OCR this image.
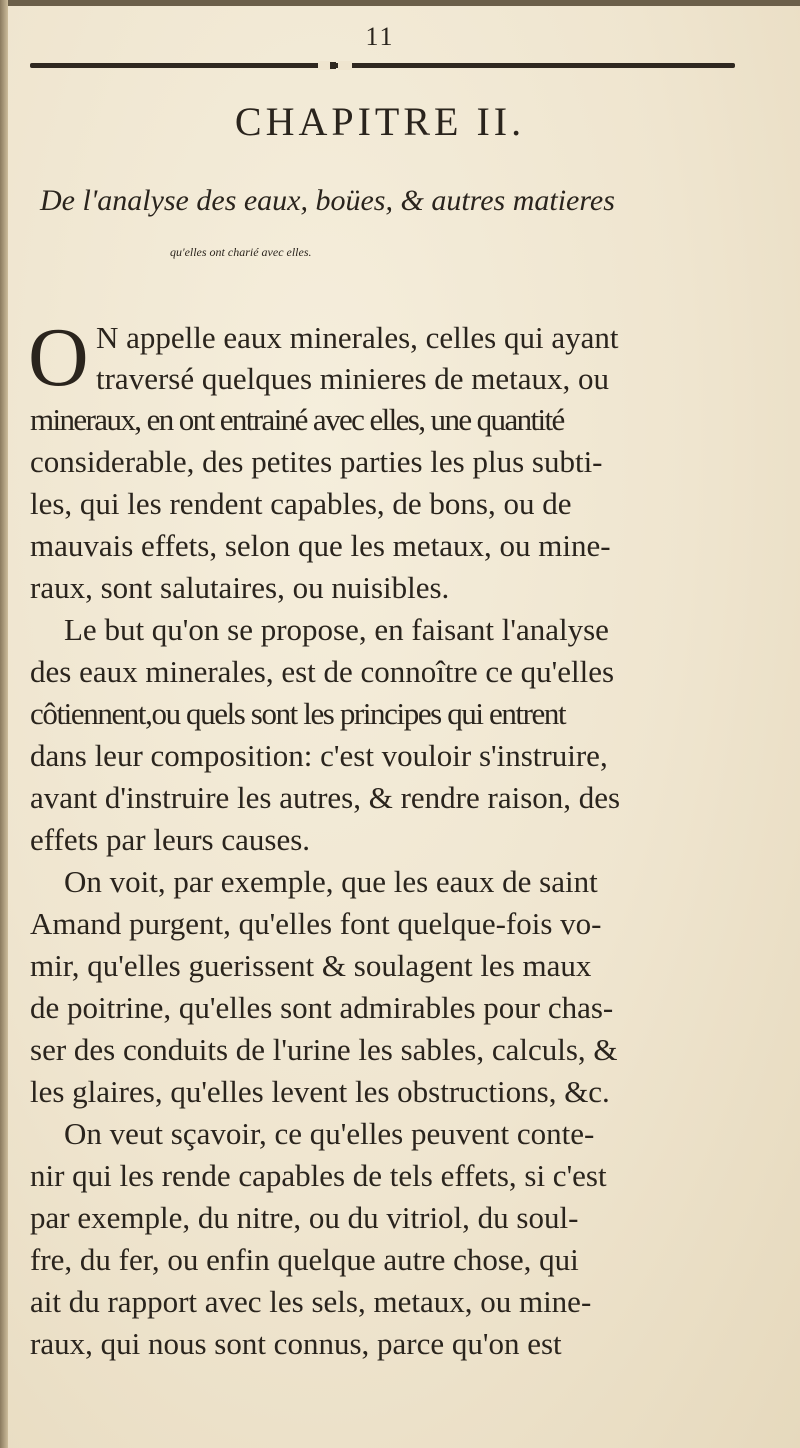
11
CHAPITRE II.
De l'analyse des eaux, boües, & autres matieres
qu'elles ont charié avec elles.
O N appelle eaux minerales, celles qui ayant
traversé quelques minieres de metaux, ou
mineraux, en ont entrainé avec elles, une quantité
considerable, des petites parties les plus subti-
les, qui les rendent capables, de bons, ou de
mauvais effets, selon que les metaux, ou mine-
raux, sont salutaires, ou nuisibles.
Le but qu'on se propose, en faisant l'analyse
des eaux minerales, est de connoître ce qu'elles
côtiennent,ou quels sont les principes qui entrent
dans leur composition: c'est vouloir s'instruire,
avant d'instruire les autres, & rendre raison, des
effets par leurs causes.
On voit, par exemple, que les eaux de saint
Amand purgent, qu'elles font quelque-fois vo-
mir, qu'elles guerissent & soulagent les maux
de poitrine, qu'elles sont admirables pour chas-
ser des conduits de l'urine les sables, calculs, &
les glaires, qu'elles levent les obstructions, &c.
On veut sçavoir, ce qu'elles peuvent conte-
nir qui les rende capables de tels effets, si c'est
par exemple, du nitre, ou du vitriol, du soul-
fre, du fer, ou enfin quelque autre chose, qui
ait du rapport avec les sels, metaux, ou mine-
raux, qui nous sont connus, parce qu'on est
